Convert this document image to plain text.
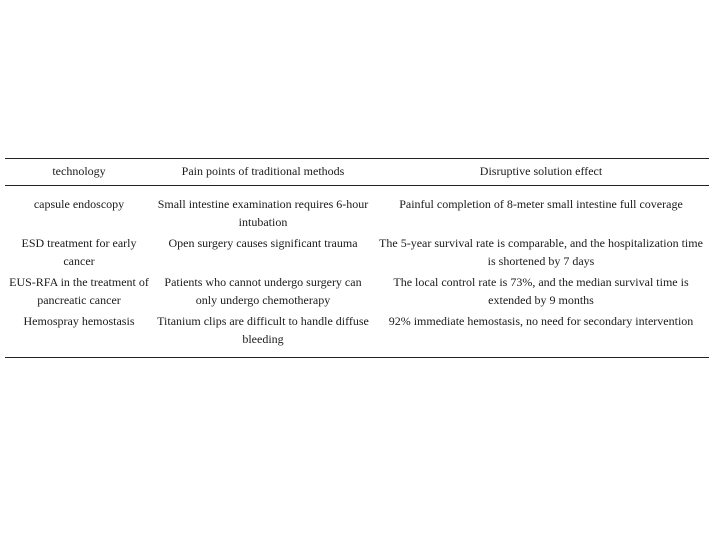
technology	Pain points of traditional methods	Disruptive solution effect
capsule endoscopy	Small intestine examination requires 6-hour intubation	Painful completion of 8-meter small intestine full coverage
ESD treatment for early cancer	Open surgery causes significant trauma	The 5-year survival rate is comparable, and the hospitalization time is shortened by 7 days
EUS-RFA in the treatment of pancreatic cancer	Patients who cannot undergo surgery can only undergo chemotherapy	The local control rate is 73%, and the median survival time is extended by 9 months
Hemospray hemostasis	Titanium clips are difficult to handle diffuse bleeding	92% immediate hemostasis, no need for secondary intervention
